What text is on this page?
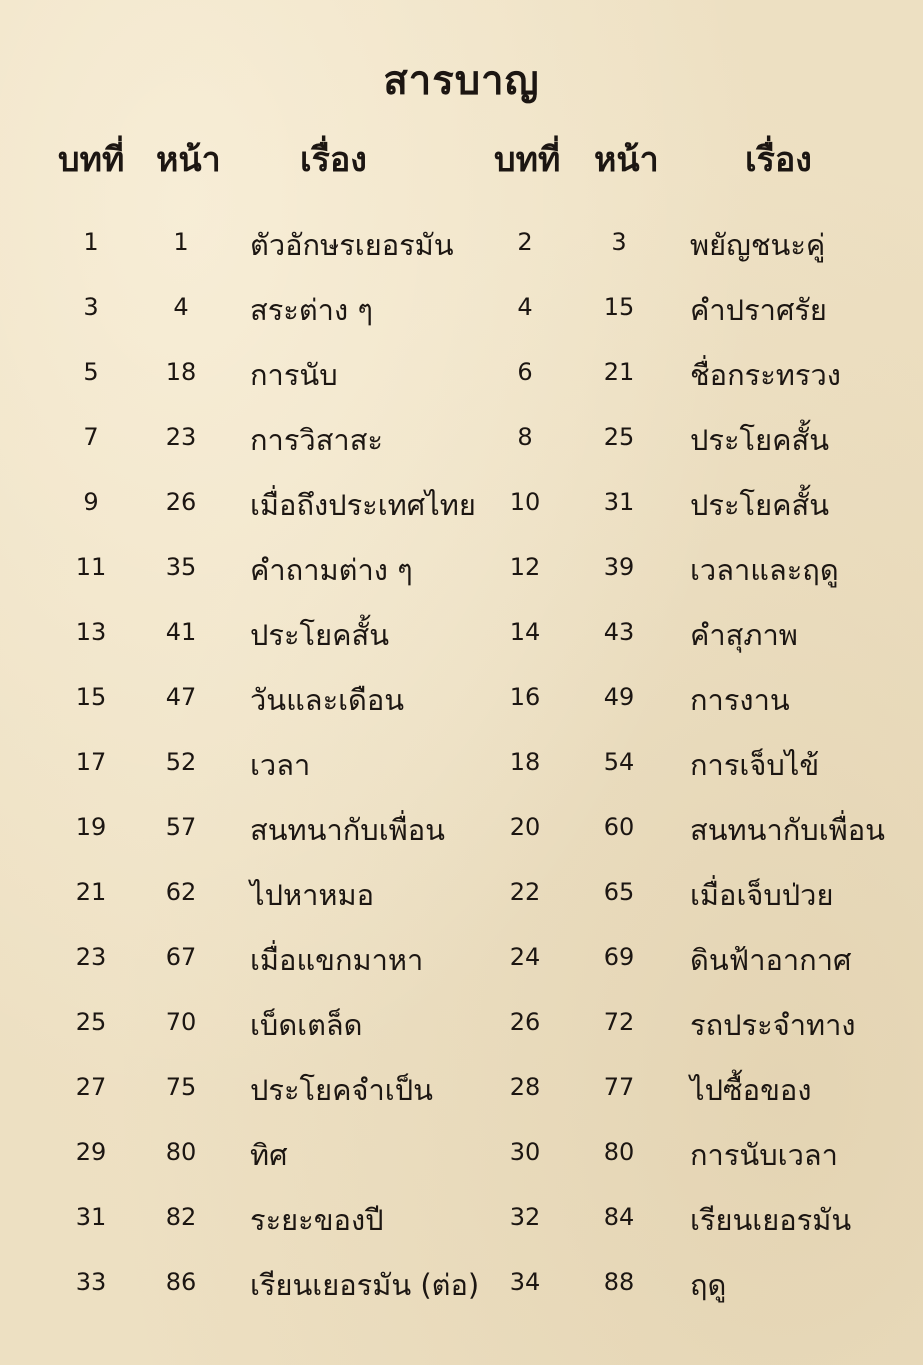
สารบาญ
บทที่ หน้า เรื่อง	บทที่ หน้า	เรื่อง
1	1	ตัวอักษรเยอรมัน	2	3	พยัญชนะคู่
3	4	สระต่าง ๆ	4	15	คำปราศรัย
5	18	การนับ	6	21	ชื่อกระทรวง
7	23	การวิสาสะ	8	25	ประโยคสั้น
9	26	เมื่อถึงประเทศไทย	10	31	ประโยคสั้น
11	35	คำถามต่าง ๆ	12	39	เวลาและฤดู
13	41	ประโยคสั้น	14	43	คำสุภาพ
15	47	วันและเดือน	16	49	การงาน
17	52	เวลา	18	54	การเจ็บไข้
19	57	สนทนากับเพื่อน	20	60	สนทนากับเพื่อน
21	62	ไปหาหมอ	22	65	เมื่อเจ็บป่วย
23	67	เมื่อแขกมาหา	24	69	ดินฟ้าอากาศ
25	70	เบ็ดเตล็ด	26	72	รถประจำทาง
27	75	ประโยคจำเป็น	28	77	ไปซื้อของ
29	80	ทิศ	30	80	การนับเวลา
31	82	ระยะของปี	32	84	เรียนเยอรมัน
33	86	เรียนเยอรมัน (ต่อ)	34	88	ฤดู
